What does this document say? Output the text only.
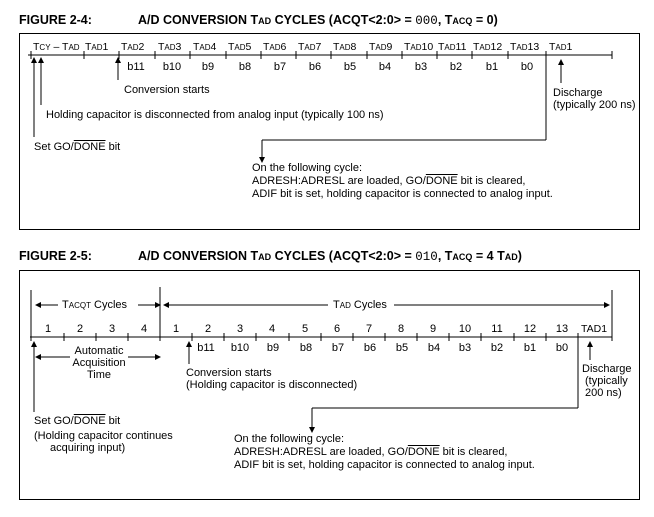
FIGURE 2-4:	A/D CONVERSION TAD CYCLES (ACQT<2:0> = 000, TACQ = 0)
TCY – TAD TAD1 TAD2 TAD3 TAD4 TAD5 TAD6 TAD7 TAD8 TAD9 TAD10 TAD11 TAD12 TAD13 TAD1
b11 b10	b9	b8	b7	b6	b5	b4	b3	b2	b1	b0
Conversion starts
Holding capacitor is disconnected from analog input (typically 100 ns)
Set GO/DONE bit
Discharge
(typically 200 ns)
On the following cycle:
ADRESH:ADRESL are loaded, GO/DONE bit is cleared,
ADIF bit is set, holding capacitor is connected to analog input.
FIGURE 2-5:	A/D CONVERSION TAD CYCLES (ACQT<2:0> = 010, TACQ = 4 TAD)
TACQT Cycles	TAD Cycles
1	2	3	4	1	2	3	4	5	6	7	8	9	10	11	12	13	TAD1
b11 b10	b9	b8	b7	b6	b5	b4	b3	b2	b1	b0
Automatic
Acquisition
Time	Conversion starts
(Holding capacitor is disconnected)
Discharge
(typically
200 ns)
Set GO/DONE bit
(Holding capacitor continues
acquiring input)
On the following cycle:
ADRESH:ADRESL are loaded, GO/DONE bit is cleared,
ADIF bit is set, holding capacitor is connected to analog input.
